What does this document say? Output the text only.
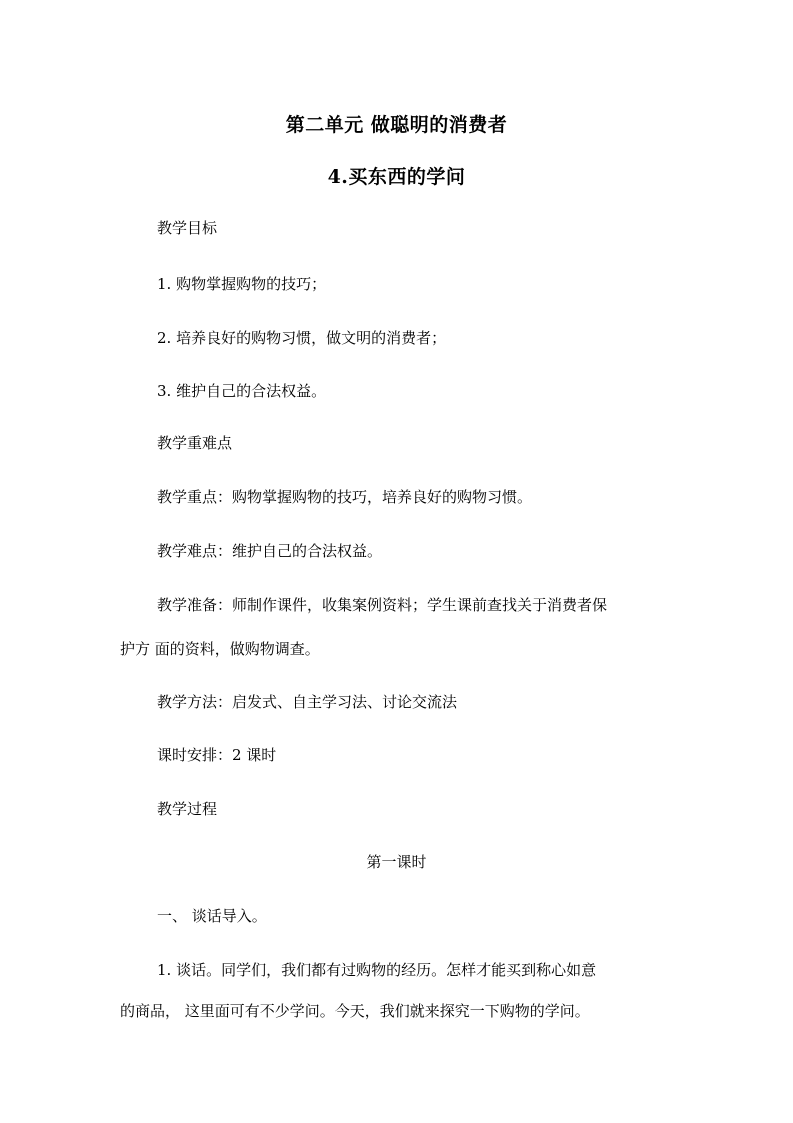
第二单元 做聪明的消费者
4.买东西的学问
教学目标
1. 购物掌握购物的技巧；
2. 培养良好的购物习惯，做文明的消费者；
3. 维护自己的合法权益。
教学重难点
教学重点：购物掌握购物的技巧，培养良好的购物习惯。
教学难点：维护自己的合法权益。
教学准备：师制作课件，收集案例资料；学生课前查找关于消费者保
护方 面的资料，做购物调查。
教学方法：启发式、自主学习法、讨论交流法
课时安排：2 课时
教学过程
第一课时
一、 谈话导入。
1. 谈话。同学们，我们都有过购物的经历。怎样才能买到称心如意
的商品， 这里面可有不少学问。今天，我们就来探究一下购物的学问。
